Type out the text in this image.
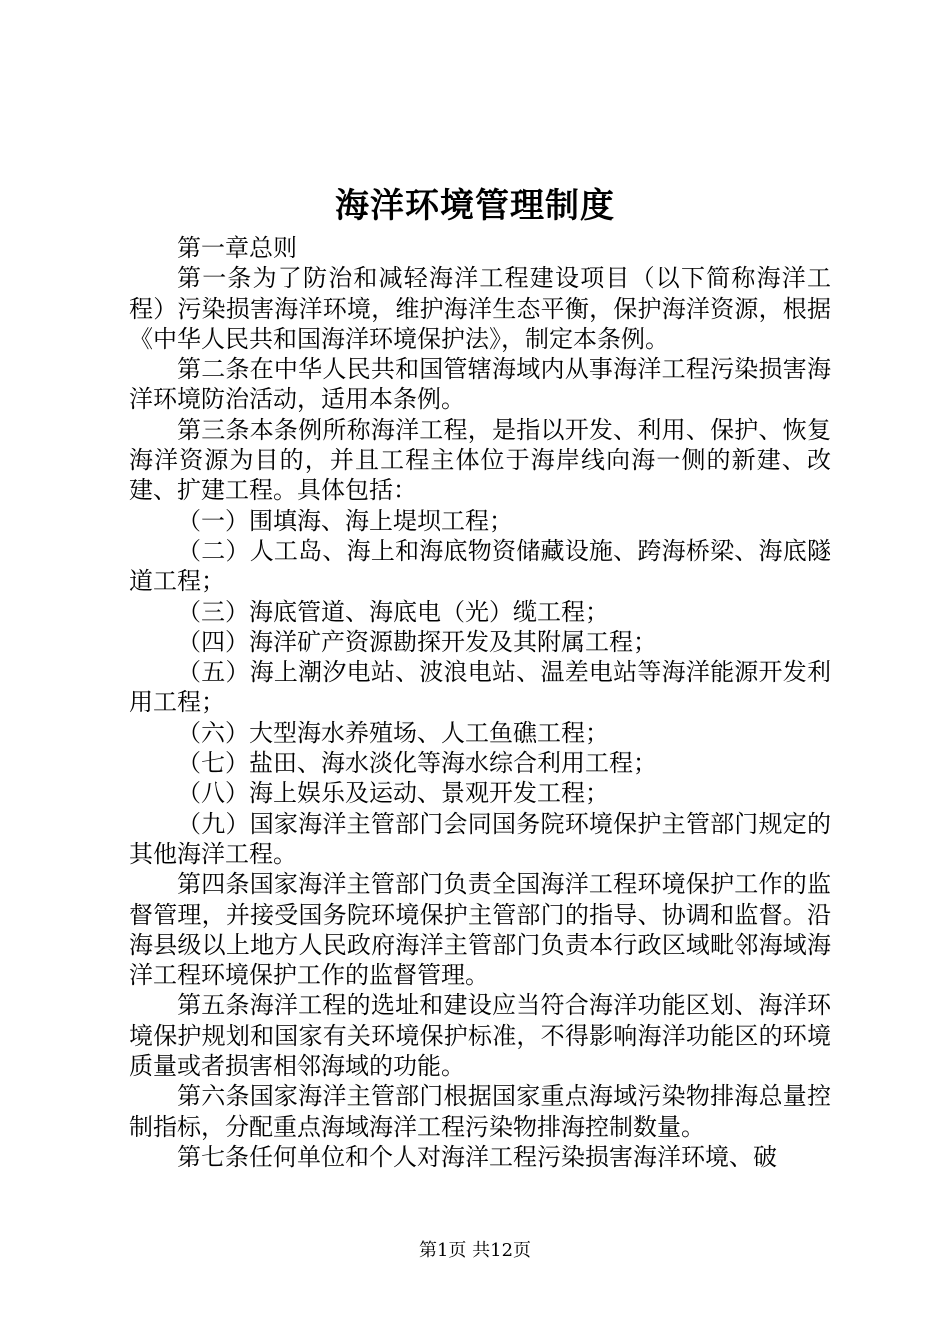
海洋环境管理制度

第一章总则

第一条为了防治和减轻海洋工程建设项目（以下简称海洋工程）污染损害海洋环境，维护海洋生态平衡，保护海洋资源，根据《中华人民共和国海洋环境保护法》，制定本条例。

第二条在中华人民共和国管辖海域内从事海洋工程污染损害海洋环境防治活动，适用本条例。

第三条本条例所称海洋工程，是指以开发、利用、保护、恢复海洋资源为目的，并且工程主体位于海岸线向海一侧的新建、改建、扩建工程。具体包括：

（一）围填海、海上堤坝工程；

（二）人工岛、海上和海底物资储藏设施、跨海桥梁、海底隧道工程；

（三）海底管道、海底电（光）缆工程；

（四）海洋矿产资源勘探开发及其附属工程；

（五）海上潮汐电站、波浪电站、温差电站等海洋能源开发利用工程；

（六）大型海水养殖场、人工鱼礁工程；

（七）盐田、海水淡化等海水综合利用工程；

（八）海上娱乐及运动、景观开发工程；

（九）国家海洋主管部门会同国务院环境保护主管部门规定的其他海洋工程。

第四条国家海洋主管部门负责全国海洋工程环境保护工作的监督管理，并接受国务院环境保护主管部门的指导、协调和监督。沿海县级以上地方人民政府海洋主管部门负责本行政区域毗邻海域海洋工程环境保护工作的监督管理。

第五条海洋工程的选址和建设应当符合海洋功能区划、海洋环境保护规划和国家有关环境保护标准，不得影响海洋功能区的环境质量或者损害相邻海域的功能。

第六条国家海洋主管部门根据国家重点海域污染物排海总量控制指标，分配重点海域海洋工程污染物排海控制数量。

第七条任何单位和个人对海洋工程污染损害海洋环境、破

第1页 共12页
